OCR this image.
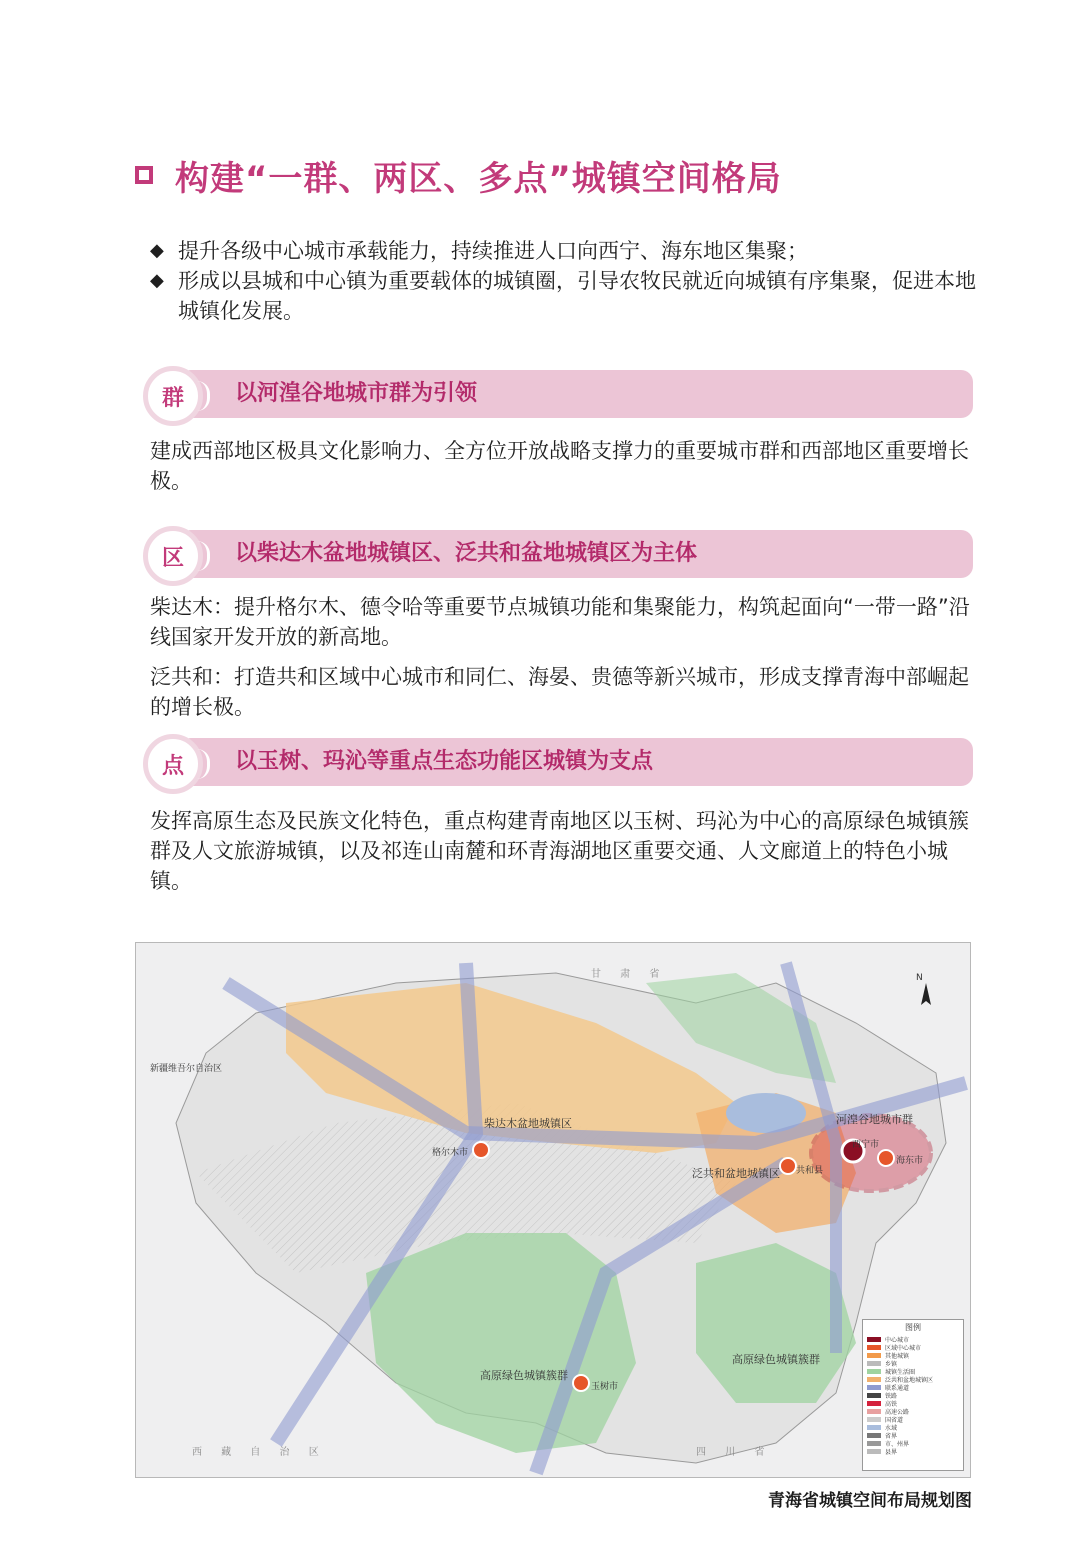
构建“一群、两区、多点”城镇空间格局
◆ 提升各级中心城市承载能力，持续推进人口向西宁、海东地区集聚；
◆ 形成以县城和中心镇为重要载体的城镇圈，引导农牧民就近向城镇有序集聚，促进本地城镇化发展。
群 以河湟谷地城市群为引领
建成西部地区极具文化影响力、全方位开放战略支撑力的重要城市群和西部地区重要增长极。
区 以柴达木盆地城镇区、泛共和盆地城镇区为主体
柴达木：提升格尔木、德令哈等重要节点城镇功能和集聚能力，构筑起面向“一带一路”沿线国家开发开放的新高地。
泛共和：打造共和区域中心城市和同仁、海晏、贵德等新兴城市，形成支撑青海中部崛起的增长极。
点 以玉树、玛沁等重点生态功能区城镇为支点
发挥高原生态及民族文化特色，重点构建青南地区以玉树、玛沁为中心的高原绿色城镇簇群及人文旅游城镇，以及祁连山南麓和环青海湖地区重要交通、人文廊道上的特色小城镇。
N
柴达木盆地城镇区	河湟谷地城市群
泛共和盆地城镇区
高原绿色城镇簇群
高原绿色城镇簇群
格尔木市
西宁市
海东市
共和县
玉树市
新疆维吾尔自治区
甘 肃 省
西 藏 自 治 区	四 川 省
图例
中心城市
区域中心城市
其他城镇
乡镇
城镇生活圈
泛共和盆地城镇区
联系通道
铁路
高铁
高速公路
国省道
水域
省界
市、州界
县界
青海省城镇空间布局规划图
